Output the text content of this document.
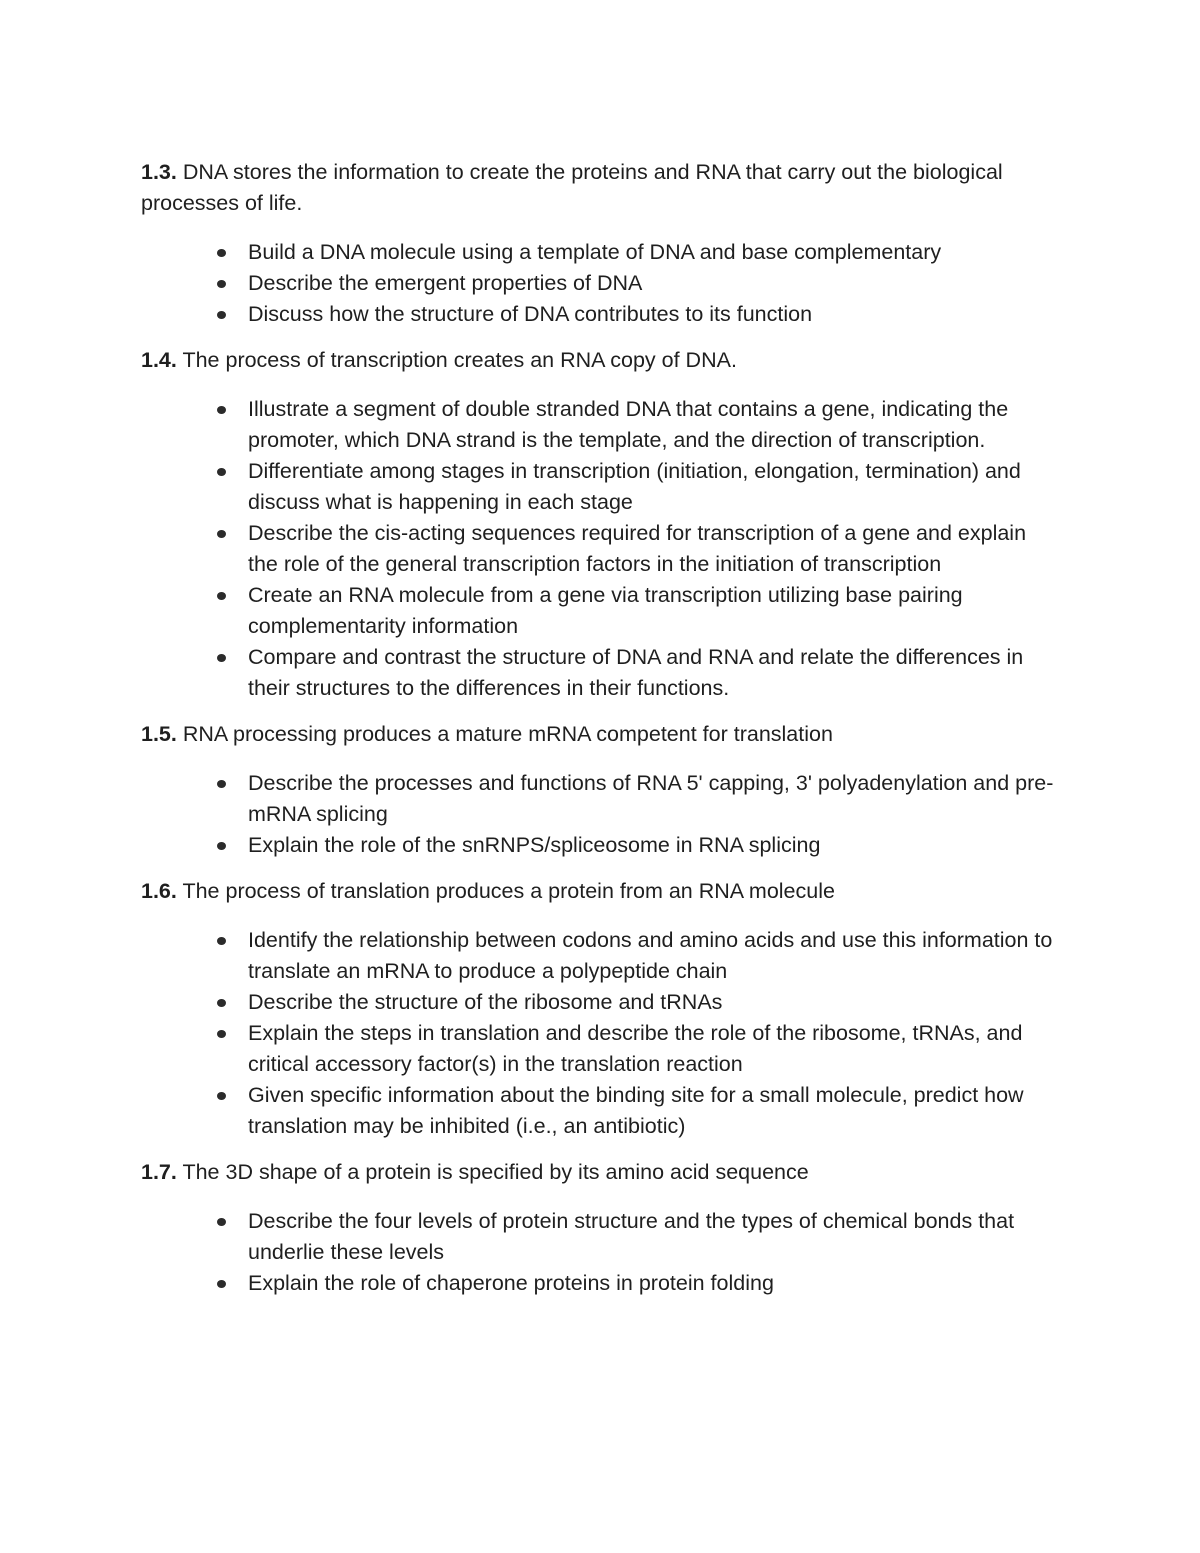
1.3. DNA stores the information to create the proteins and RNA that carry out the biological processes of life.

Build a DNA molecule using a template of DNA and base complementary
Describe the emergent properties of DNA
Discuss how the structure of DNA contributes to its function

1.4. The process of transcription creates an RNA copy of DNA.

Illustrate a segment of double stranded DNA that contains a gene, indicating the promoter, which DNA strand is the template, and the direction of transcription.
Differentiate among stages in transcription (initiation, elongation, termination) and discuss what is happening in each stage
Describe the cis-acting sequences required for transcription of a gene and explain the role of the general transcription factors in the initiation of transcription
Create an RNA molecule from a gene via transcription utilizing base pairing complementarity information
Compare and contrast the structure of DNA and RNA and relate the differences in their structures to the differences in their functions.

1.5. RNA processing produces a mature mRNA competent for translation

Describe the processes and functions of RNA 5' capping, 3' polyadenylation and pre-mRNA splicing
Explain the role of the snRNPS/spliceosome in RNA splicing

1.6. The process of translation produces a protein from an RNA molecule

Identify the relationship between codons and amino acids and use this information to translate an mRNA to produce a polypeptide chain
Describe the structure of the ribosome and tRNAs
Explain the steps in translation and describe the role of the ribosome, tRNAs, and critical accessory factor(s) in the translation reaction
Given specific information about the binding site for a small molecule, predict how translation may be inhibited (i.e., an antibiotic)

1.7. The 3D shape of a protein is specified by its amino acid sequence

Describe the four levels of protein structure and the types of chemical bonds that underlie these levels
Explain the role of chaperone proteins in protein folding
